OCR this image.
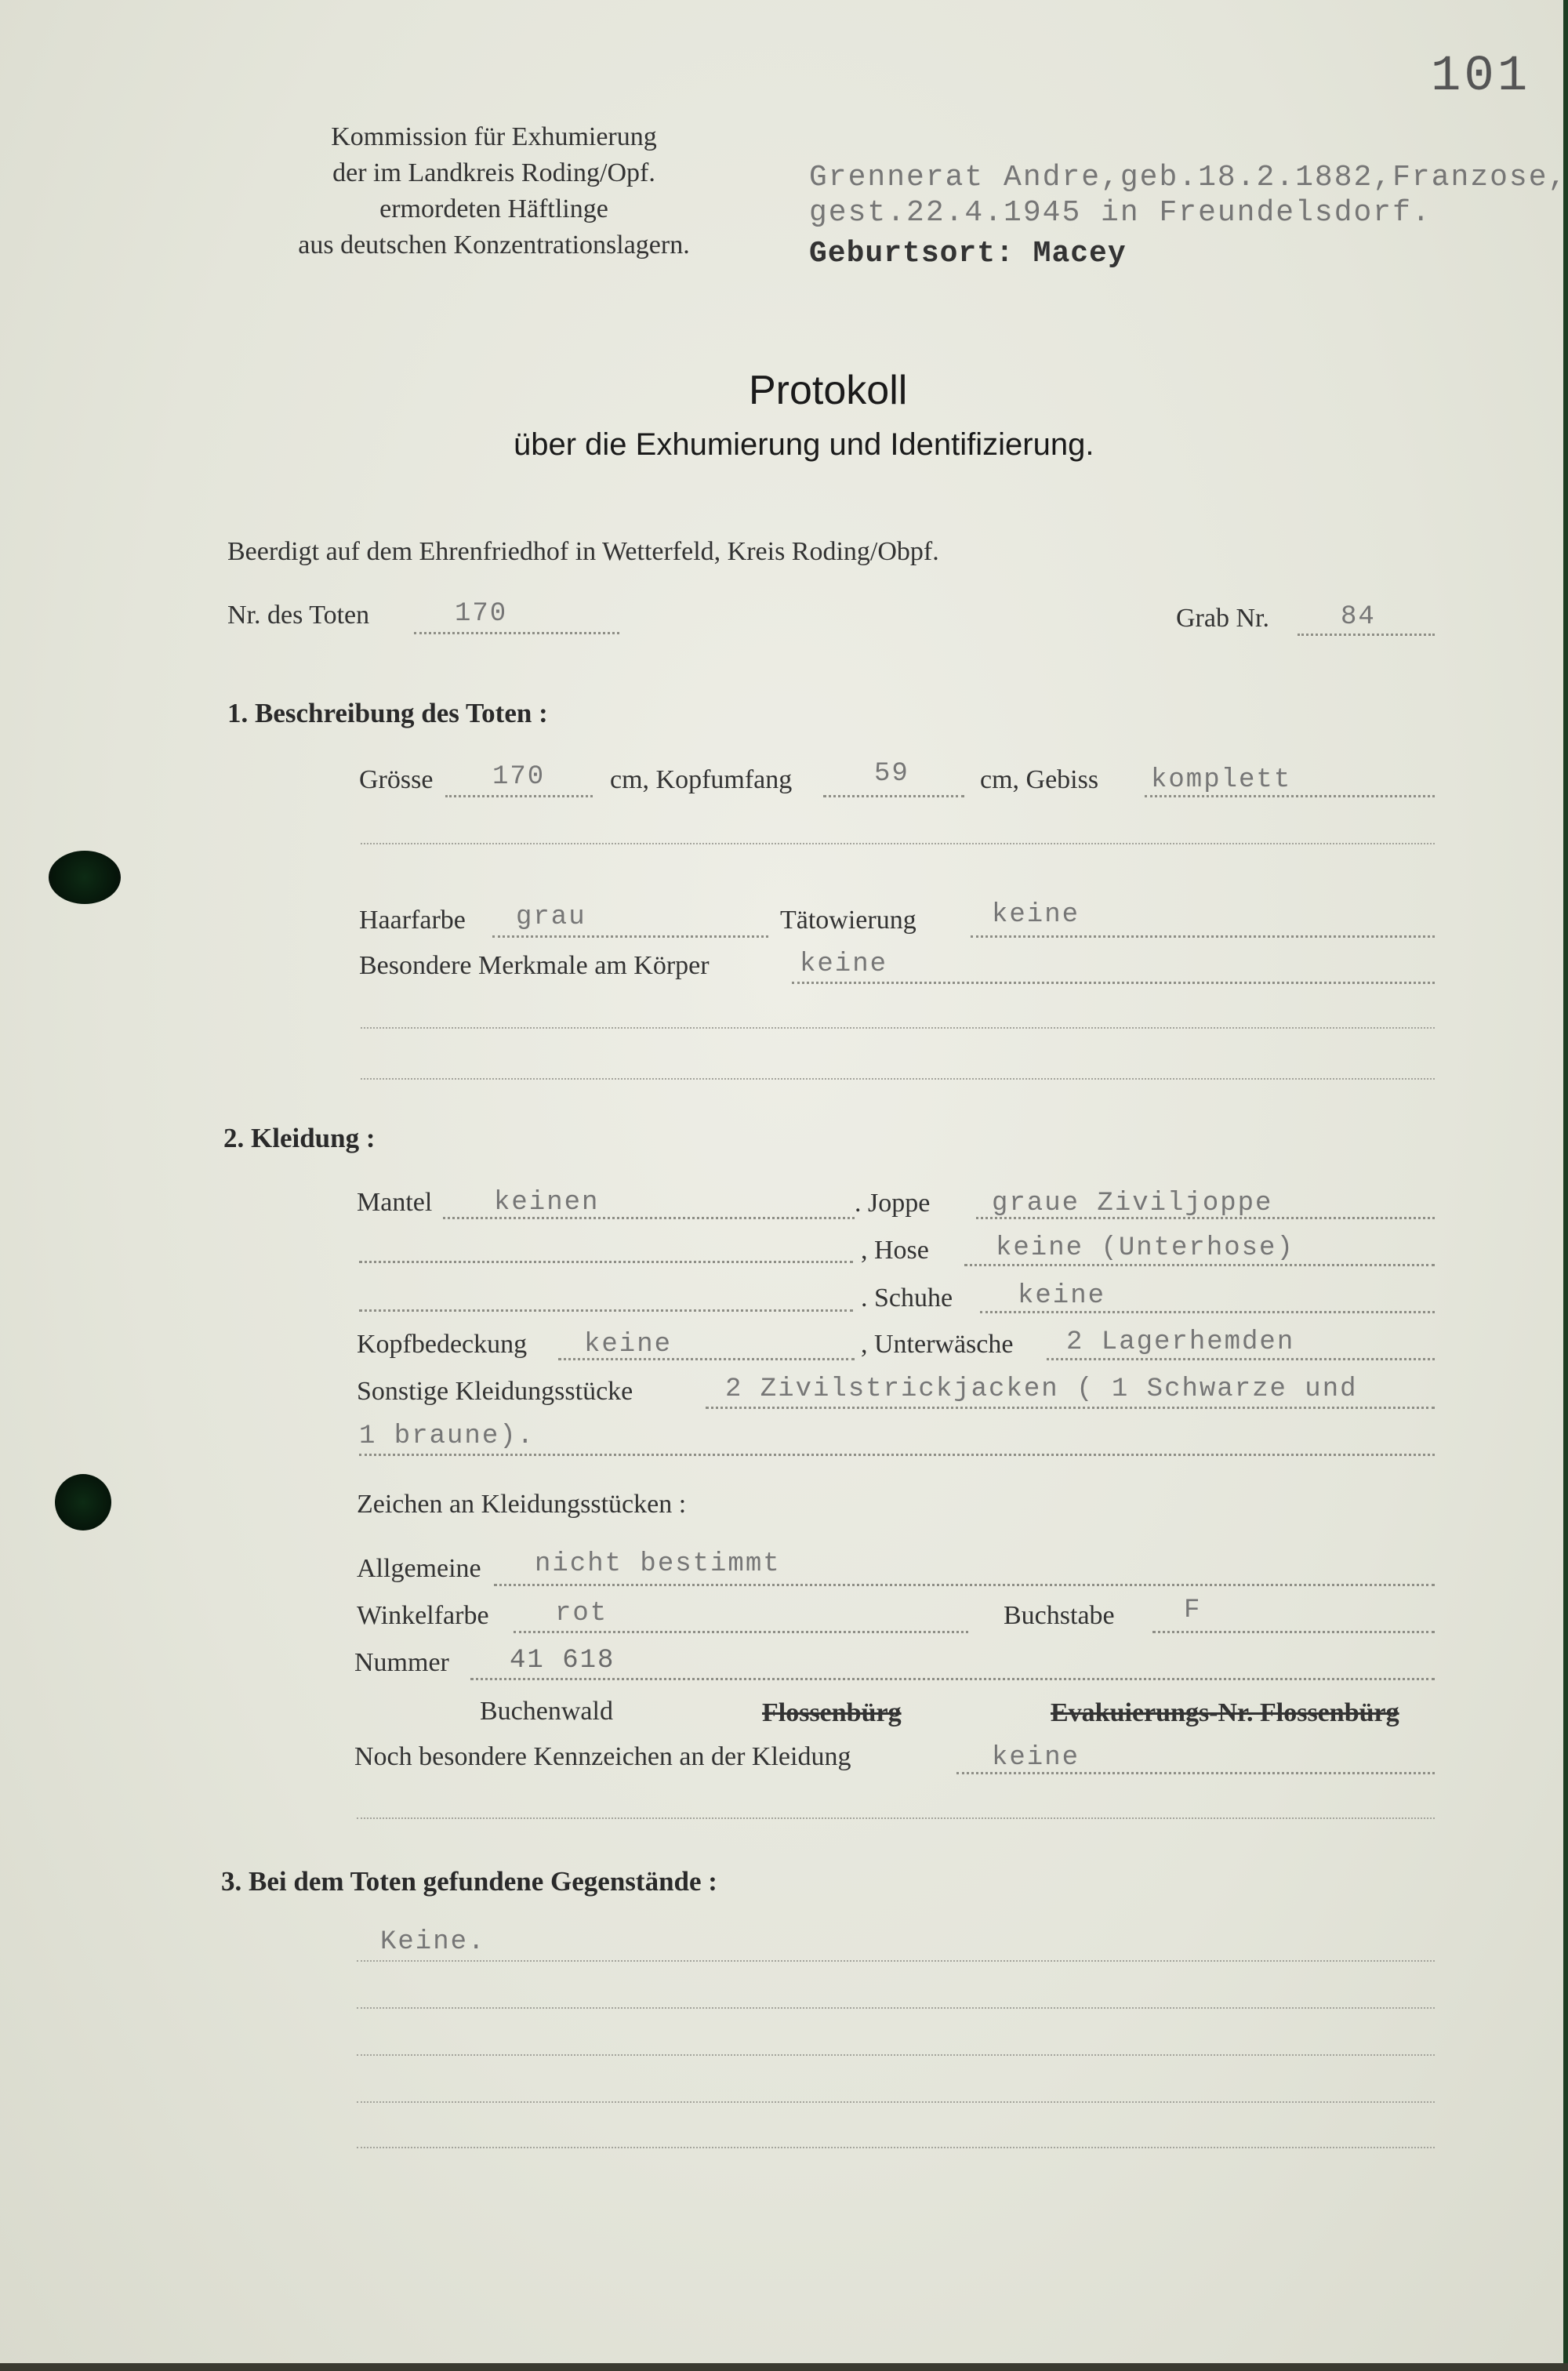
101
Kommission für Exhumierung
der im Landkreis Roding/Opf.
ermordeten Häftlinge
aus deutschen Konzentrationslagern.
Grennerat Andre,geb.18.2.1882,Franzose,
gest.22.4.1945 in Freundelsdorf.
Geburtsort: Macey
Protokoll
über die Exhumierung und Identifizierung.
Beerdigt auf dem Ehrenfriedhof in Wetterfeld, Kreis Roding/Obpf.
Nr. des Toten	170	Grab Nr.	84
1. Beschreibung des Toten :
Grösse 170 cm, Kopfumfang	59	cm, Gebiss komplett
Haarfarbe grau	Tätowierung	keine
Besondere Merkmale am Körper	keine
2. Kleidung :
Mantel keinen	. Joppe graue Ziviljoppe
, Hose	keine (Unterhose)
. Schuhe keine
Kopfbedeckung keine	, Unterwäsche 2 Lagerhemden
Sonstige Kleidungsstücke	2 Zivilstrickjacken ( 1 Schwarze und
1 braune).
Zeichen an Kleidungsstücken :
Allgemeine nicht bestimmt
Winkelfarbe rot	Buchstabe	F
Nummer 41 618
Buchenwald	Flossenbürg	Evakuierungs-Nr. Flossenbürg
Noch besondere Kennzeichen an der Kleidung	keine
3. Bei dem Toten gefundene Gegenstände :
Keine.
